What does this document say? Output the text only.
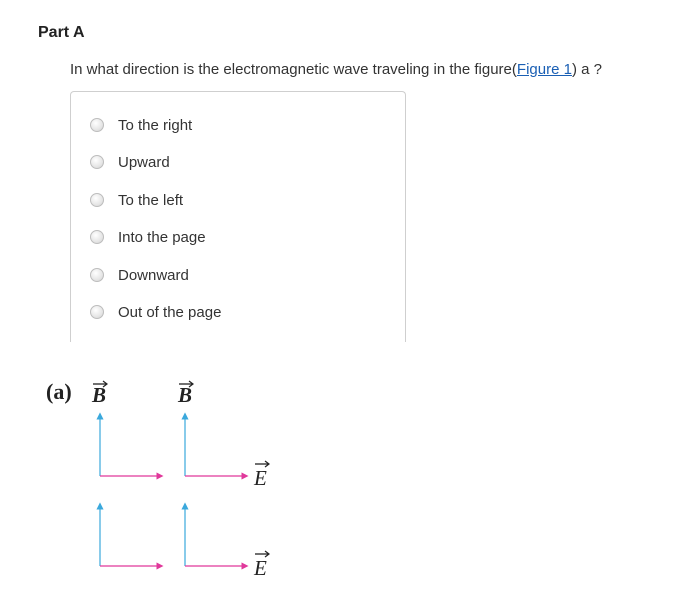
Part A
In what direction is the electromagnetic wave traveling in the figure(Figure 1) a ?
To the right
Upward
To the left
Into the page
Downward
Out of the page
(a) B	B
E
E
